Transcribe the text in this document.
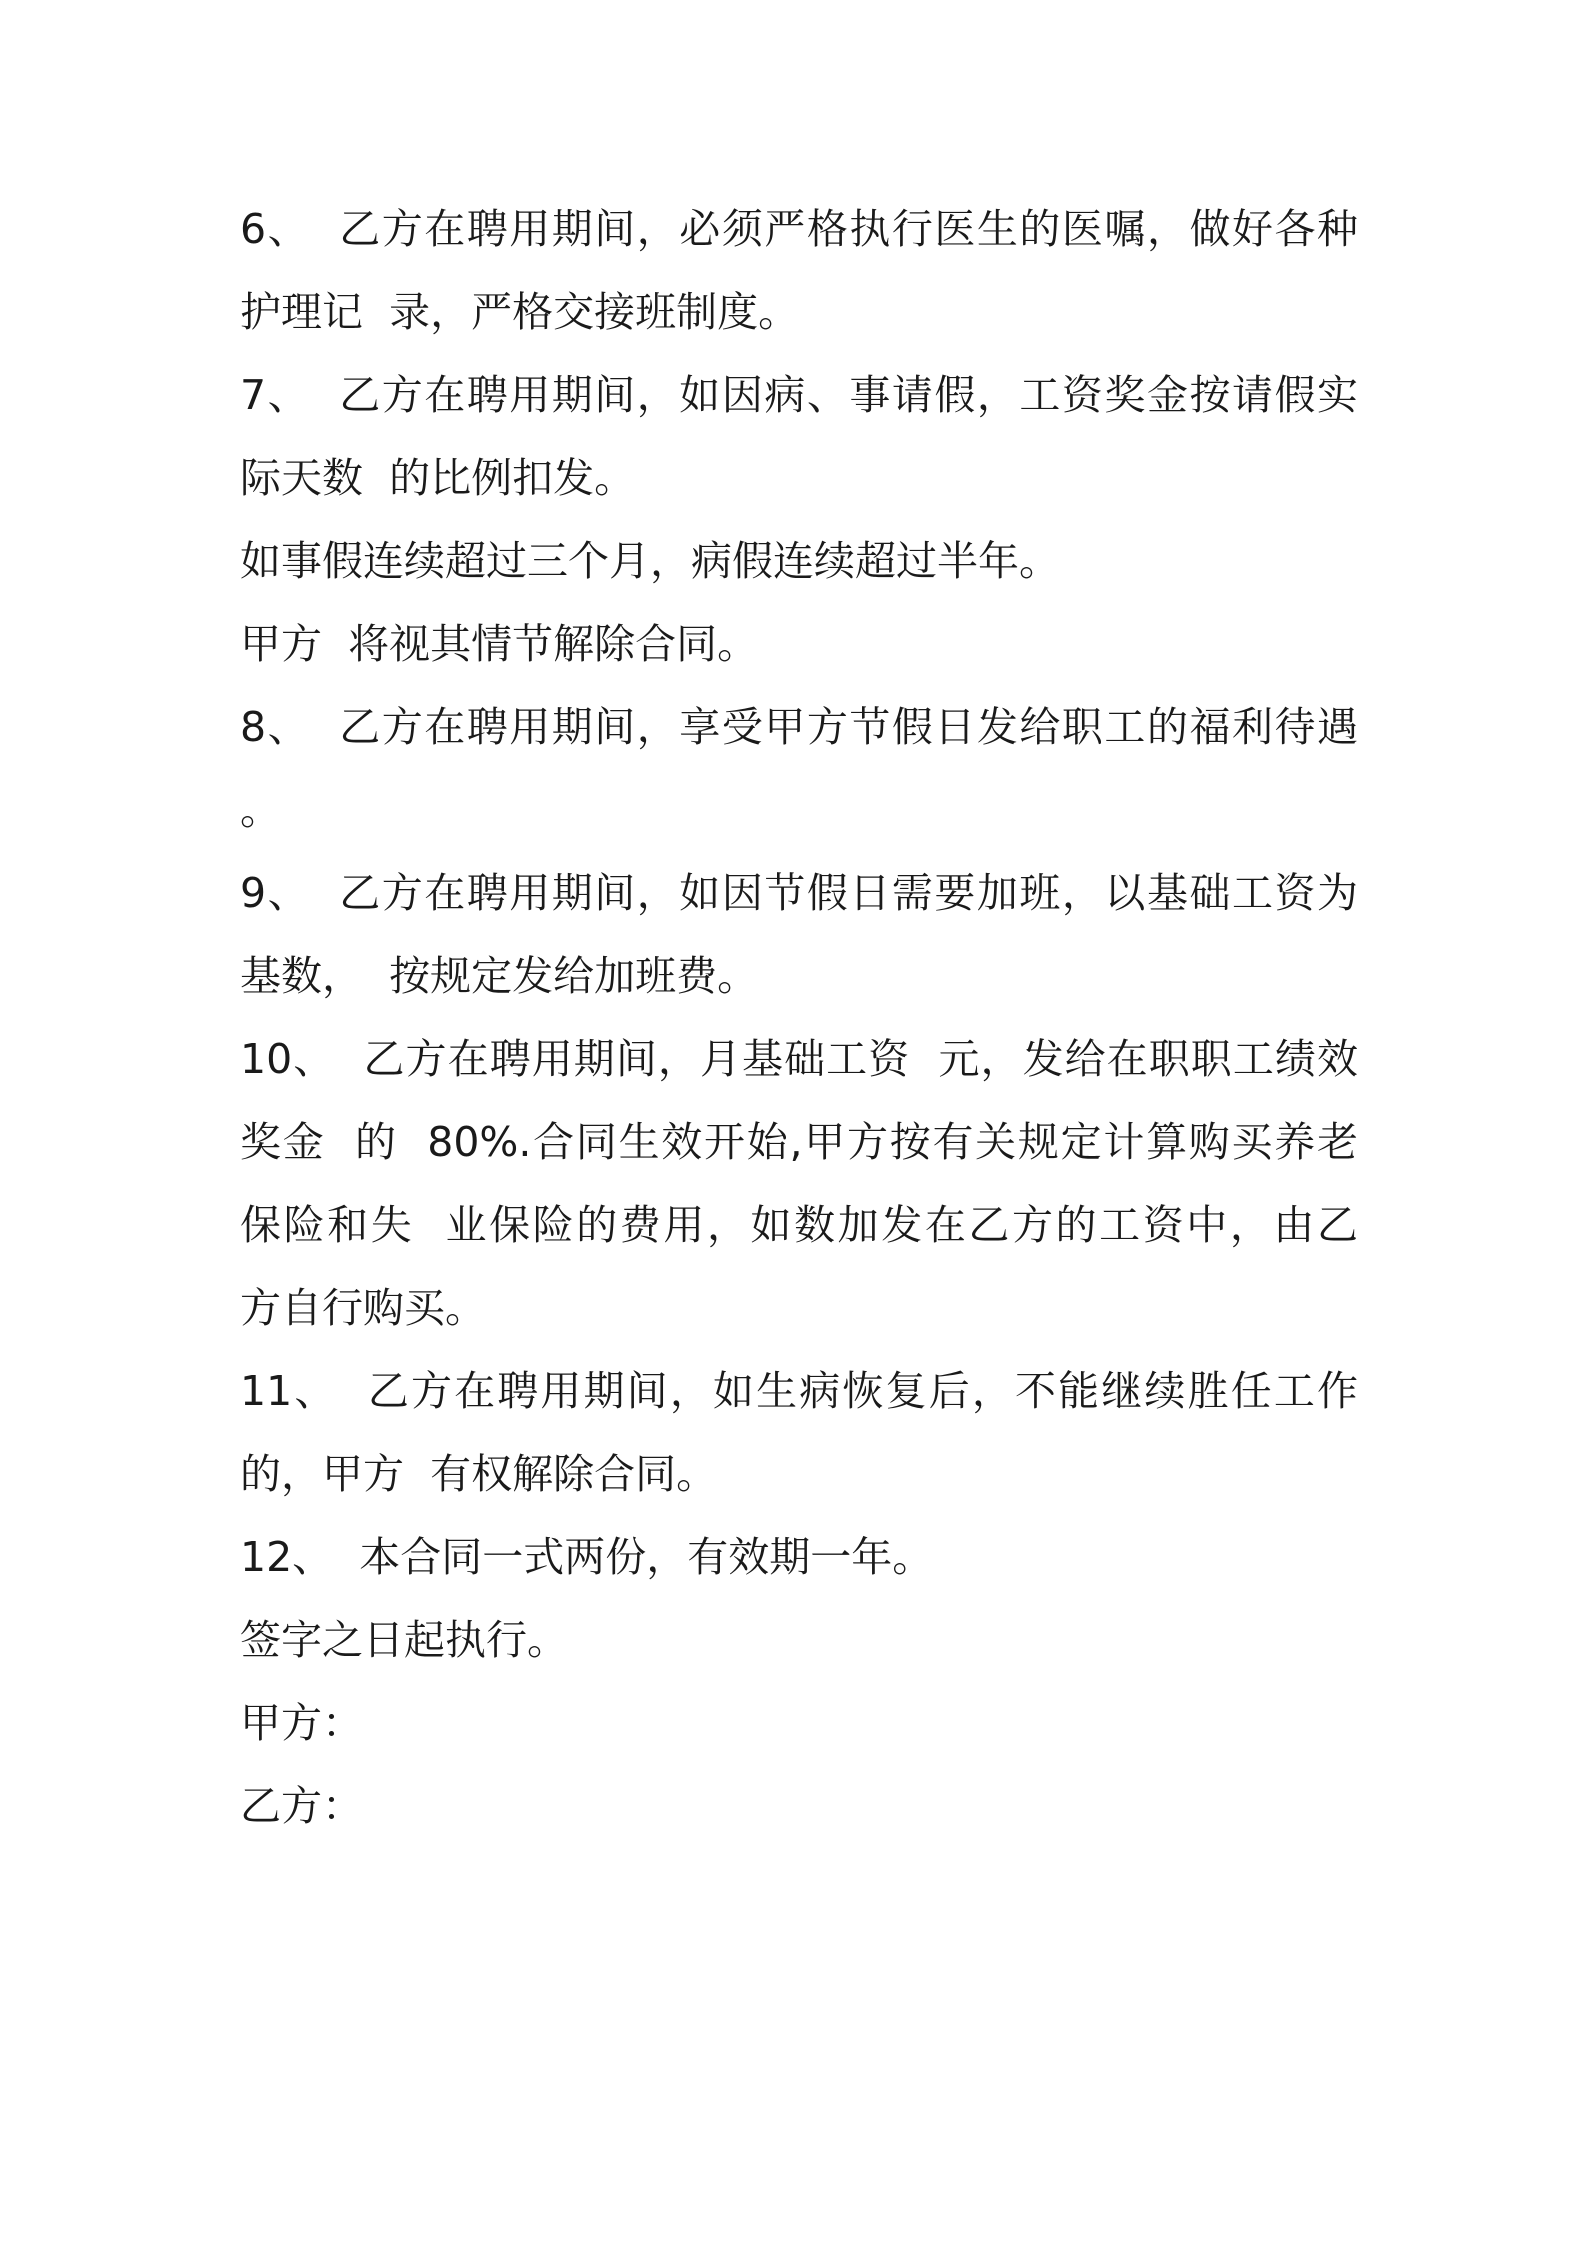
6、  乙方在聘用期间，必须严格执行医生的医嘱，做好各种
护理记  录，严格交接班制度。
7、  乙方在聘用期间，如因病、事请假，工资奖金按请假实
际天数  的比例扣发。
如事假连续超过三个月，病假连续超过半年。
甲方  将视其情节解除合同。
8、  乙方在聘用期间，享受甲方节假日发给职工的福利待遇
。
9、  乙方在聘用期间，如因节假日需要加班，以基础工资为
基数，  按规定发给加班费。
10、  乙方在聘用期间，月基础工资  元，发给在职职工绩效
奖金  的  80%.合同生效开始,甲方按有关规定计算购买养老
保险和失  业保险的费用，如数加发在乙方的工资中，由乙
方自行购买。
11、  乙方在聘用期间，如生病恢复后，不能继续胜任工作
的，甲方  有权解除合同。
12、  本合同一式两份，有效期一年。
签字之日起执行。
甲方：
乙方：
